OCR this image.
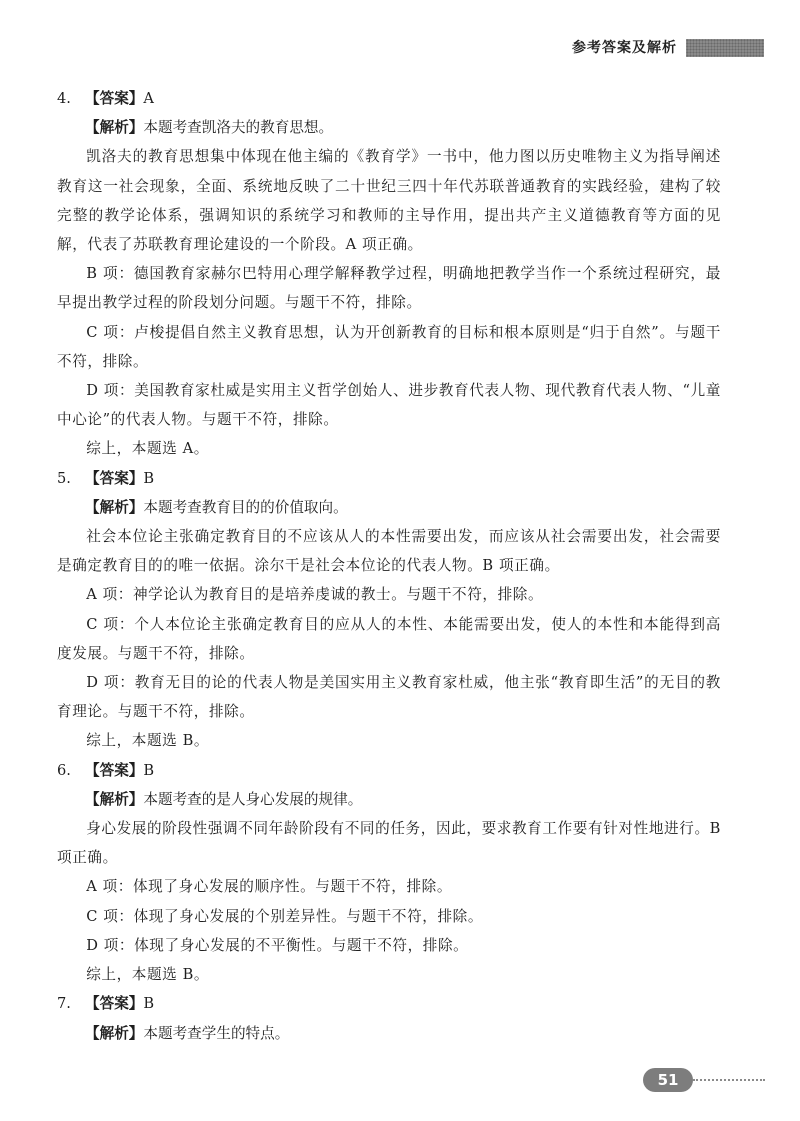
参考答案及解析

4. 【答案】A

【解析】本题考查凯洛夫的教育思想。

凯洛夫的教育思想集中体现在他主编的《教育学》一书中，他力图以历史唯物主义为指导阐述教育这一社会现象，全面、系统地反映了二十世纪三四十年代苏联普通教育的实践经验，建构了较完整的教学论体系，强调知识的系统学习和教师的主导作用，提出共产主义道德教育等方面的见解，代表了苏联教育理论建设的一个阶段。A 项正确。

B 项：德国教育家赫尔巴特用心理学解释教学过程，明确地把教学当作一个系统过程研究，最早提出教学过程的阶段划分问题。与题干不符，排除。

C 项：卢梭提倡自然主义教育思想，认为开创新教育的目标和根本原则是“归于自然”。与题干不符，排除。

D 项：美国教育家杜威是实用主义哲学创始人、进步教育代表人物、现代教育代表人物、“儿童中心论”的代表人物。与题干不符，排除。

综上，本题选 A。

5. 【答案】B

【解析】本题考查教育目的的价值取向。

社会本位论主张确定教育目的不应该从人的本性需要出发，而应该从社会需要出发，社会需要是确定教育目的的唯一依据。涂尔干是社会本位论的代表人物。B 项正确。

A 项：神学论认为教育目的是培养虔诚的教士。与题干不符，排除。

C 项：个人本位论主张确定教育目的应从人的本性、本能需要出发，使人的本性和本能得到高度发展。与题干不符，排除。

D 项：教育无目的论的代表人物是美国实用主义教育家杜威，他主张“教育即生活”的无目的教育理论。与题干不符，排除。

综上，本题选 B。

6. 【答案】B

【解析】本题考查的是人身心发展的规律。

身心发展的阶段性强调不同年龄阶段有不同的任务，因此，要求教育工作要有针对性地进行。B 项正确。

A 项：体现了身心发展的顺序性。与题干不符，排除。

C 项：体现了身心发展的个别差异性。与题干不符，排除。

D 项：体现了身心发展的不平衡性。与题干不符，排除。

综上，本题选 B。

7. 【答案】B

【解析】本题考查学生的特点。

51
